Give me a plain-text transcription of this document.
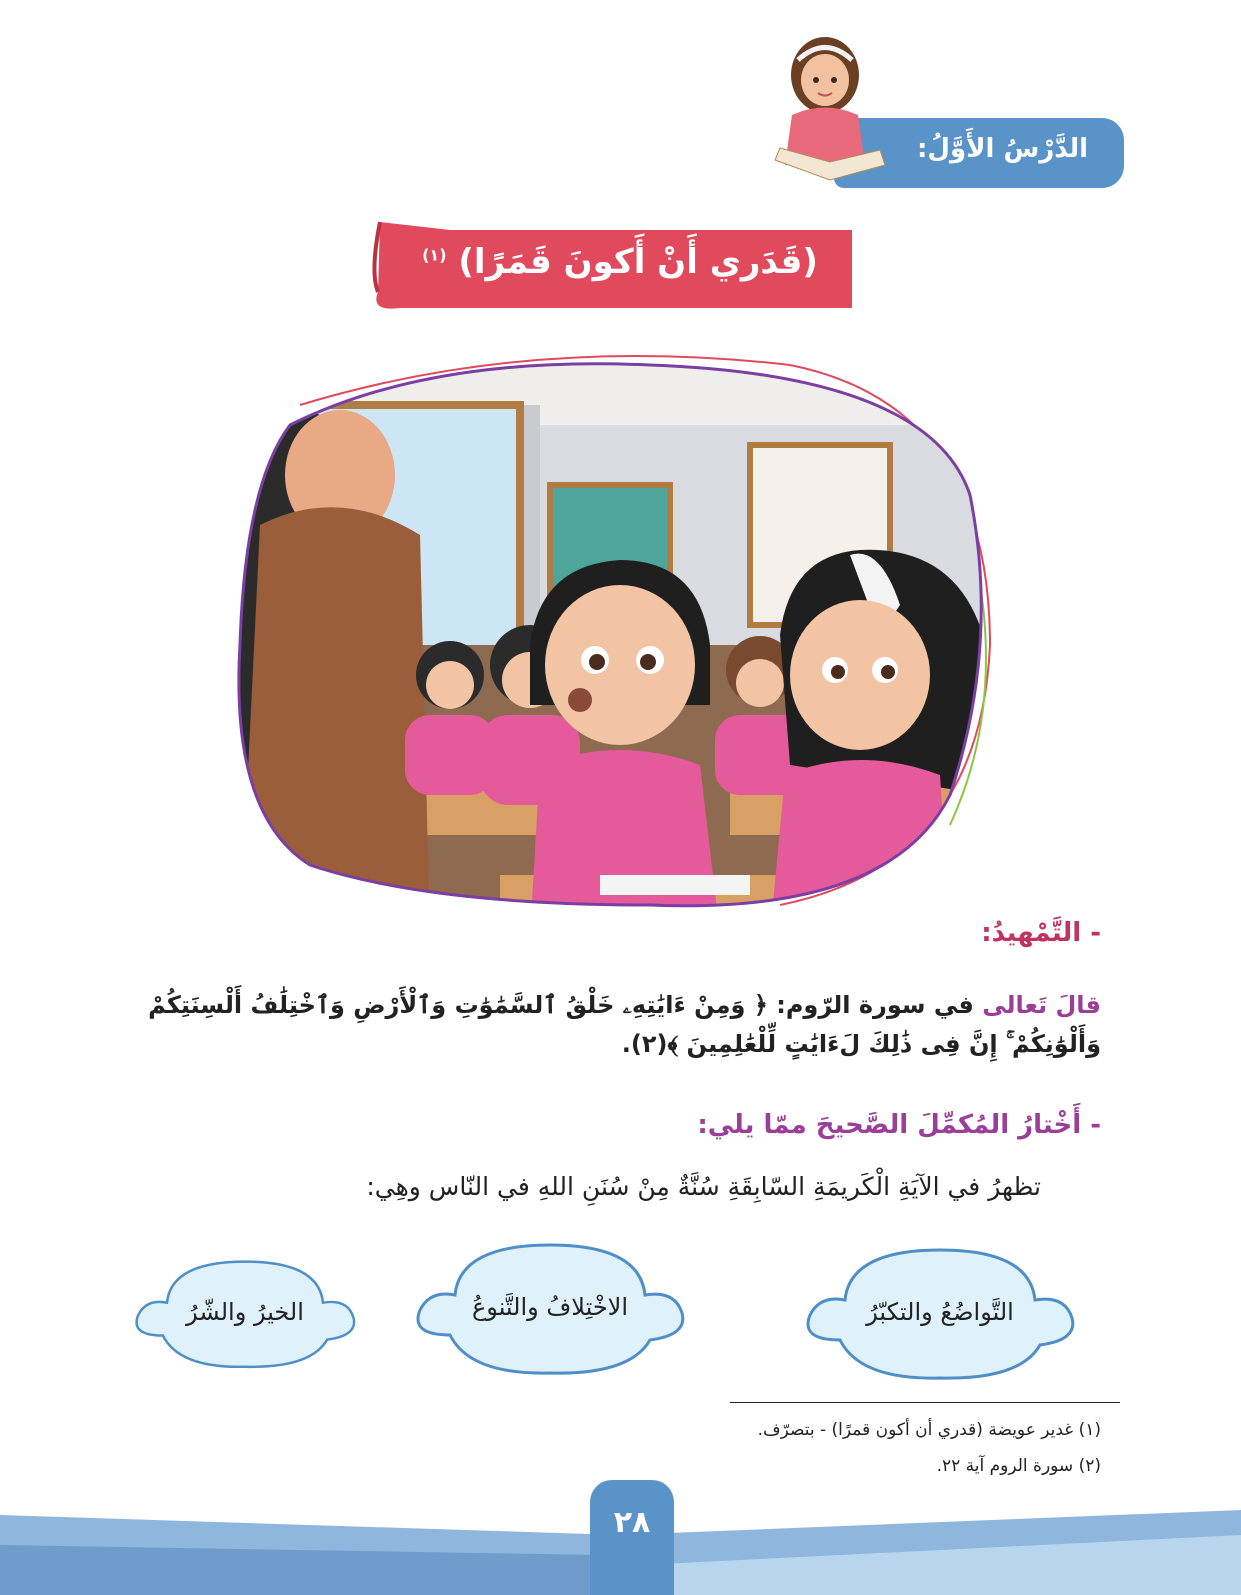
الدَّرْسُ الأَوَّلُ:
(قَدَري أَنْ أَكونَ قَمَرًا) $^{(١)}$
- التَّمْهيدُ:
قالَ تَعالى في سورة الرّوم: ﴿ وَمِنْ ءَايَٰتِهِۦ خَلْقُ ٱلسَّمَٰوَٰتِ وَٱلْأَرْضِ وَٱخْتِلَٰفُ أَلْسِنَتِكُمْ
وَأَلْوَٰنِكُمْ ۚ إِنَّ فِى ذَٰلِكَ لَءَايَٰتٍ لِّلْعَٰلِمِينَ ﴾(٢).
- أَخْتارُ المُكمِّلَ الصَّحيحَ ممّا يلي:
تظهرُ في الآيَةِ الْكَريمَةِ السّابِقَةِ سُنَّةٌ مِنْ سُنَنِ اللهِ في النّاس وهِي:
التَّواضُعُ والتكبّرُ
الاخْتِلافُ والتَّنوعُ
الخيرُ والشّرُ
(١) غدير عويضة (قدري أن أكون قمرًا) - بتصرّف.
(٢) سورة الروم آية ٢٢.
٢٨
